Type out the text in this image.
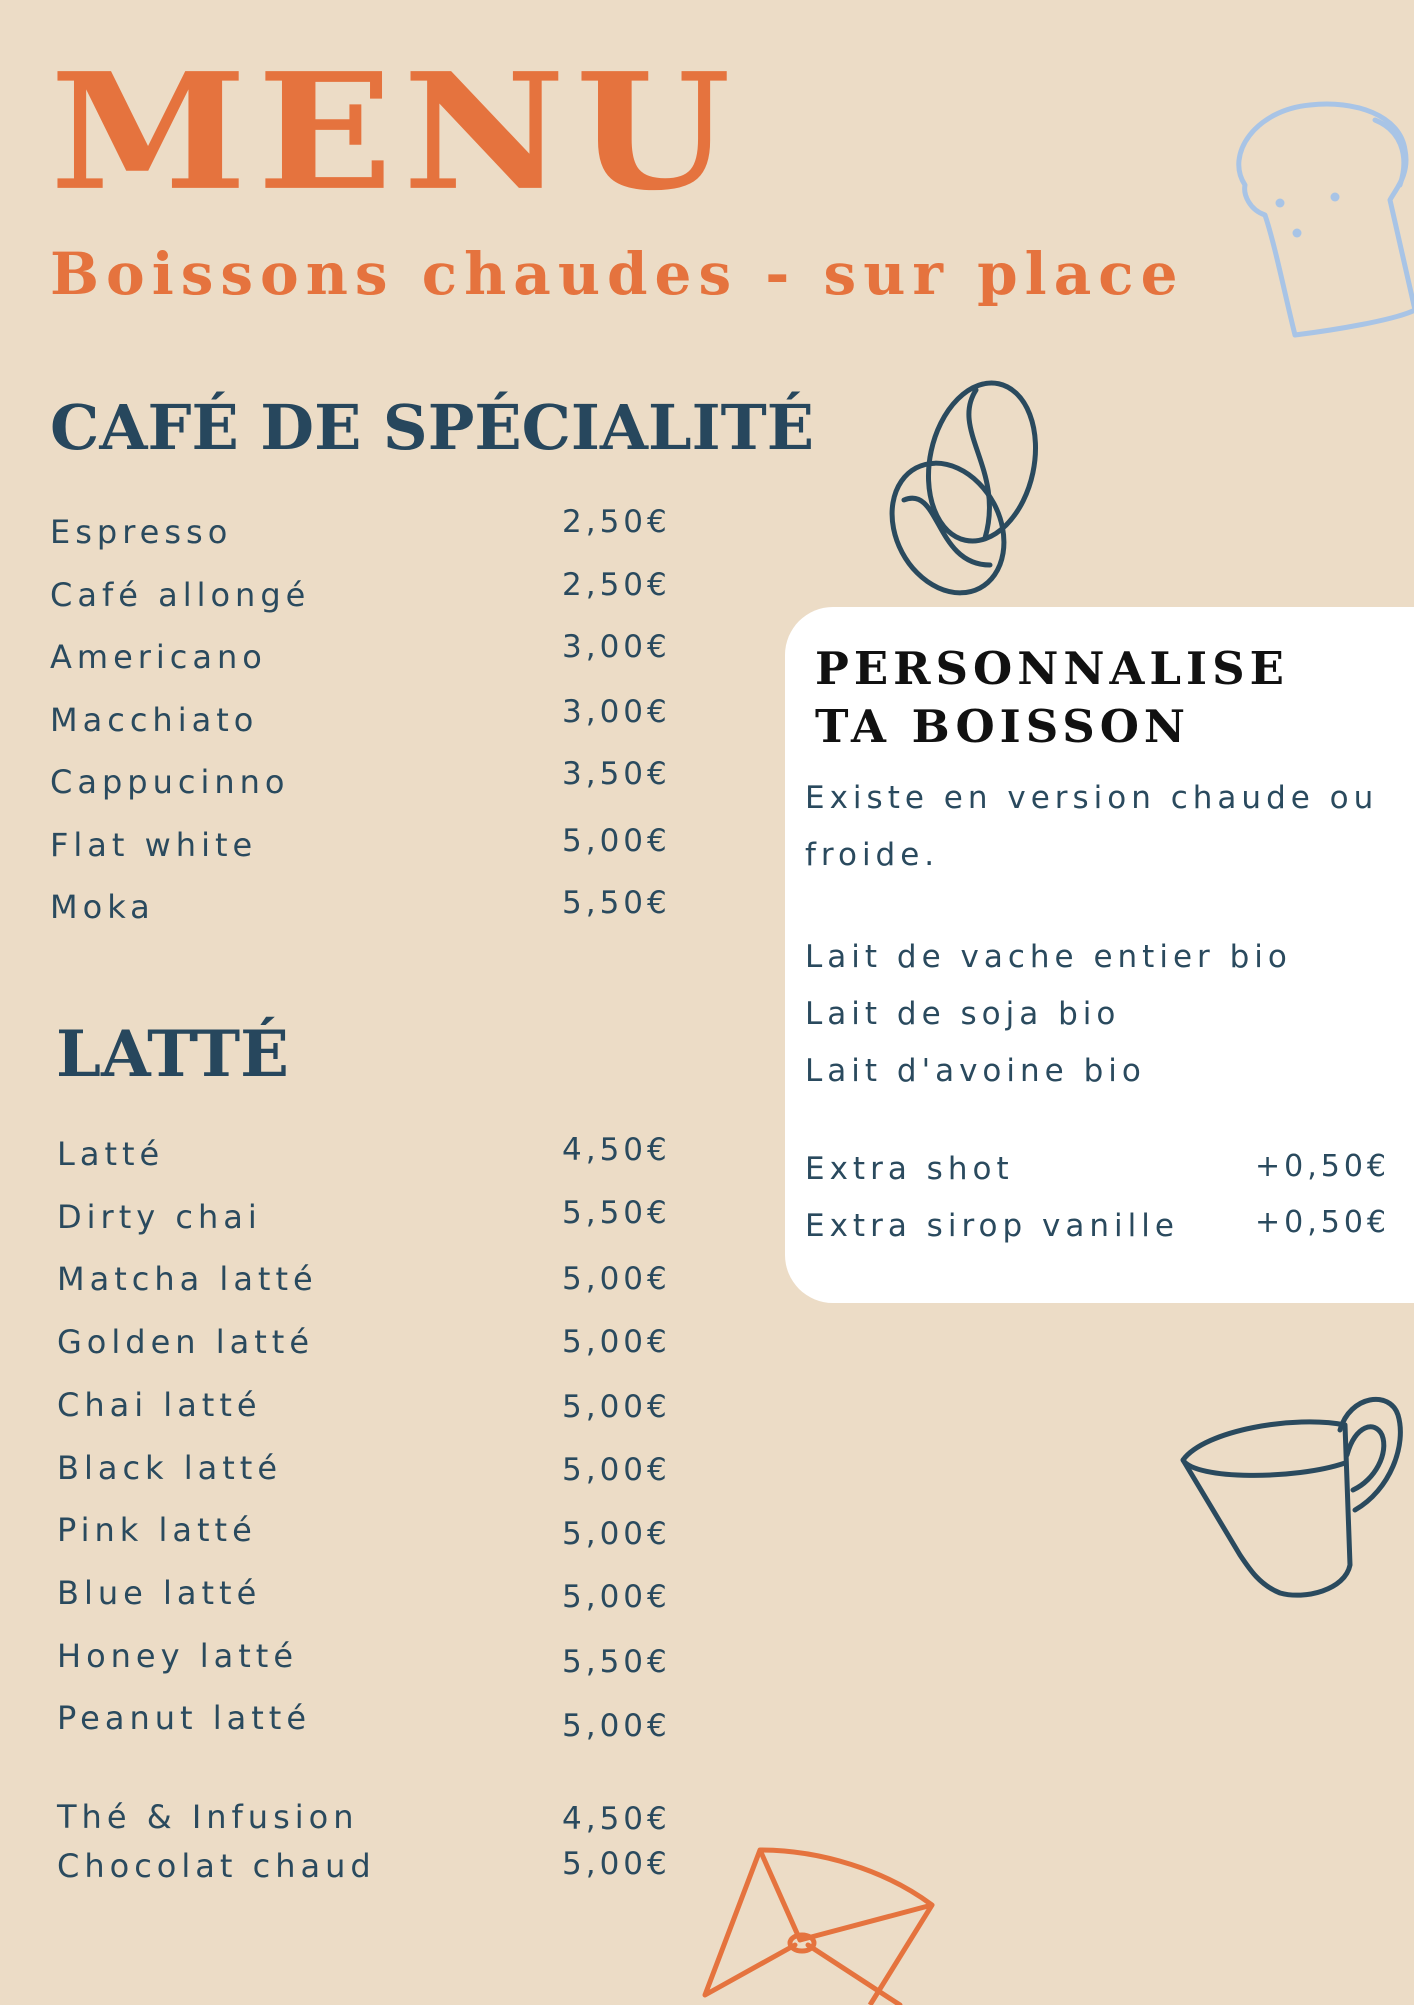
MENU
Boissons chaudes - sur place
CAFÉ DE SPÉCIALITÉ
Espresso	2,50€
Café allongé	2,50€
Americano	3,00€
Macchiato	3,00€
Cappucinno	3,50€
Flat white	5,00€
Moka	5,50€
LATTÉ
Latté	4,50€
Dirty chai	5,50€
Matcha latté	5,00€
Golden latté	5,00€
Chai latté	5,00€
Black latté	5,00€
Pink latté	5,00€
Blue latté	5,00€
Honey latté	5,50€
Peanut latté	5,00€
Thé & Infusion	4,50€
Chocolat chaud	5,00€
PERSONNALISE
TA BOISSON
Existe en version chaude ou
froide.
Lait de vache entier bio
Lait de soja bio
Lait d'avoine bio
Extra shot	+0,50€
Extra sirop vanille	+0,50€
